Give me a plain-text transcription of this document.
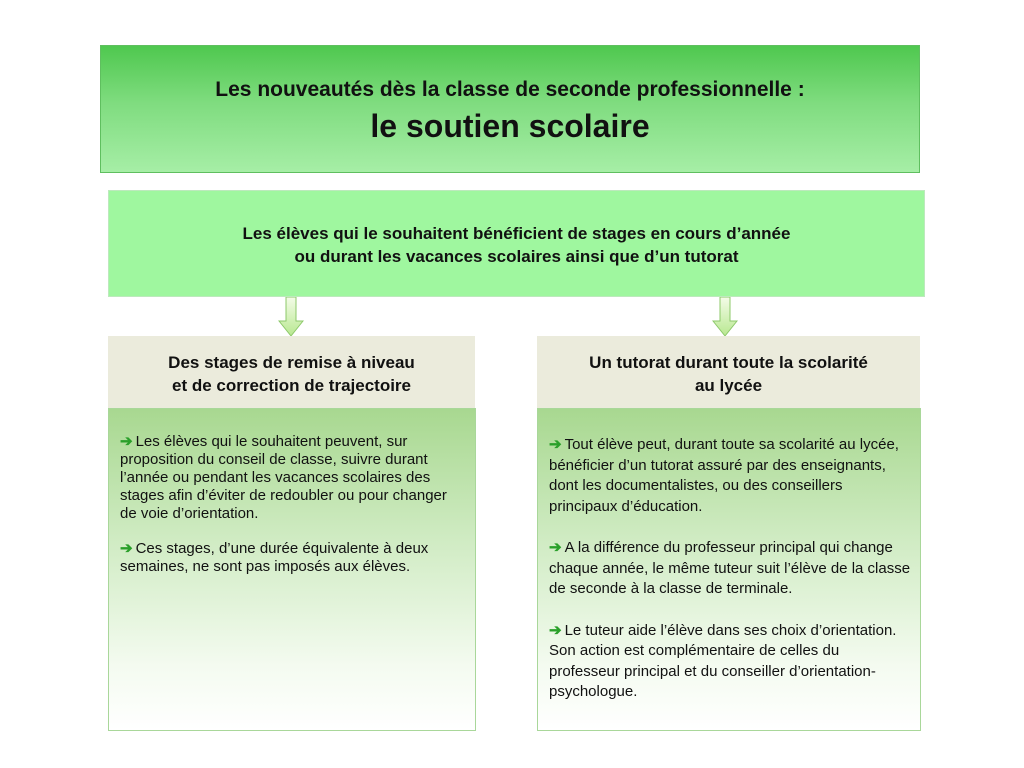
Les nouveautés dès la classe de seconde professionnelle :
le soutien scolaire
Les élèves qui le souhaitent bénéficient de stages en cours d’année
ou durant les vacances scolaires ainsi que d’un tutorat
Des stages de remise à niveau
et de correction de trajectoire
Un tutorat durant toute la scolarité
au lycée

➔ Les élèves qui le souhaitent peuvent, sur proposition du conseil de classe, suivre durant l’année ou pendant les vacances scolaires des stages afin d’éviter de redoubler ou pour changer de voie d’orientation.

➔ Ces stages, d’une durée équivalente à deux semaines, ne sont pas imposés aux élèves.

➔ Tout élève peut, durant toute sa scolarité au lycée, bénéficier d’un tutorat assuré par des enseignants, dont les documentalistes, ou des conseillers principaux d’éducation.

➔ A la différence du professeur principal qui change chaque année, le même tuteur suit l’élève de la classe de seconde à la classe de terminale.

➔ Le tuteur aide l’élève dans ses choix d’orientation. Son action est complémentaire de celles du professeur principal et du conseiller d’orientation-psychologue.
